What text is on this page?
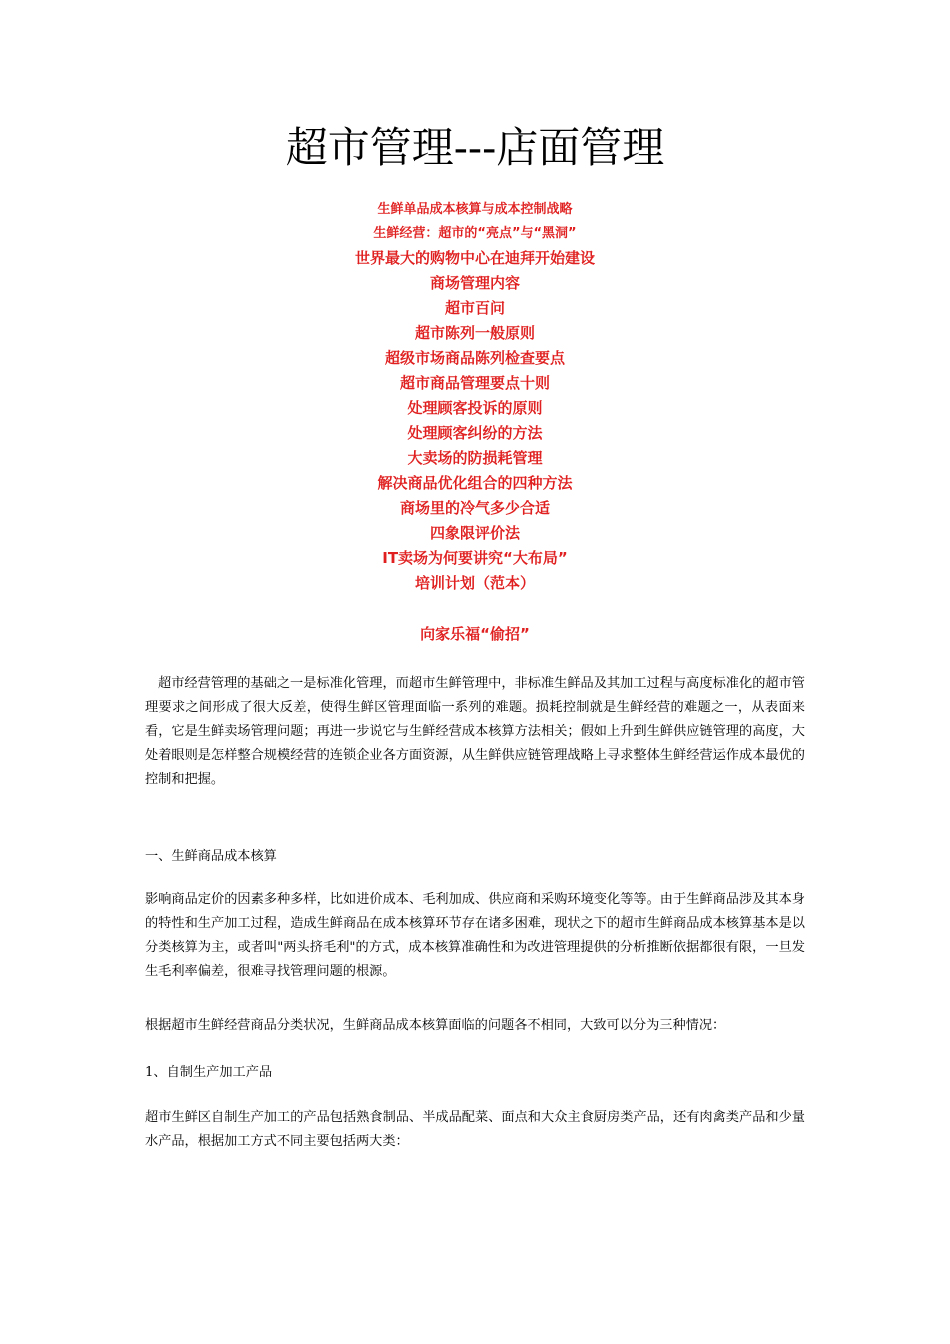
超市管理---店面管理
生鲜单品成本核算与成本控制战略
生鲜经营：超市的“亮点”与“黑洞”
世界最大的购物中心在迪拜开始建设
商场管理内容
超市百问
超市陈列一般原则
超级市场商品陈列检查要点
超市商品管理要点十则
处理顾客投诉的原则
处理顾客纠纷的方法
大卖场的防损耗管理
解决商品优化组合的四种方法
商场里的冷气多少合适
四象限评价法
IT卖场为何要讲究“大布局”
培训计划（范本）

向家乐福“偷招”

超市经营管理的基础之一是标准化管理，而超市生鲜管理中，非标准生鲜品及其加工过程与高度标准化的超市管理要求之间形成了很大反差，使得生鲜区管理面临一系列的难题。损耗控制就是生鲜经营的难题之一，从表面来看，它是生鲜卖场管理问题；再进一步说它与生鲜经营成本核算方法相关；假如上升到生鲜供应链管理的高度，大处着眼则是怎样整合规模经营的连锁企业各方面资源，从生鲜供应链管理战略上寻求整体生鲜经营运作成本最优的控制和把握。

一、生鲜商品成本核算

影响商品定价的因素多种多样，比如进价成本、毛利加成、供应商和采购环境变化等等。由于生鲜商品涉及其本身的特性和生产加工过程，造成生鲜商品在成本核算环节存在诸多困难，现状之下的超市生鲜商品成本核算基本是以分类核算为主，或者叫"两头挤毛利"的方式，成本核算准确性和为改进管理提供的分析推断依据都很有限，一旦发生毛利率偏差，很难寻找管理问题的根源。

根据超市生鲜经营商品分类状况，生鲜商品成本核算面临的问题各不相同，大致可以分为三种情况：

1、自制生产加工产品

超市生鲜区自制生产加工的产品包括熟食制品、半成品配菜、面点和大众主食厨房类产品，还有肉禽类产品和少量水产品，根据加工方式不同主要包括两大类：
